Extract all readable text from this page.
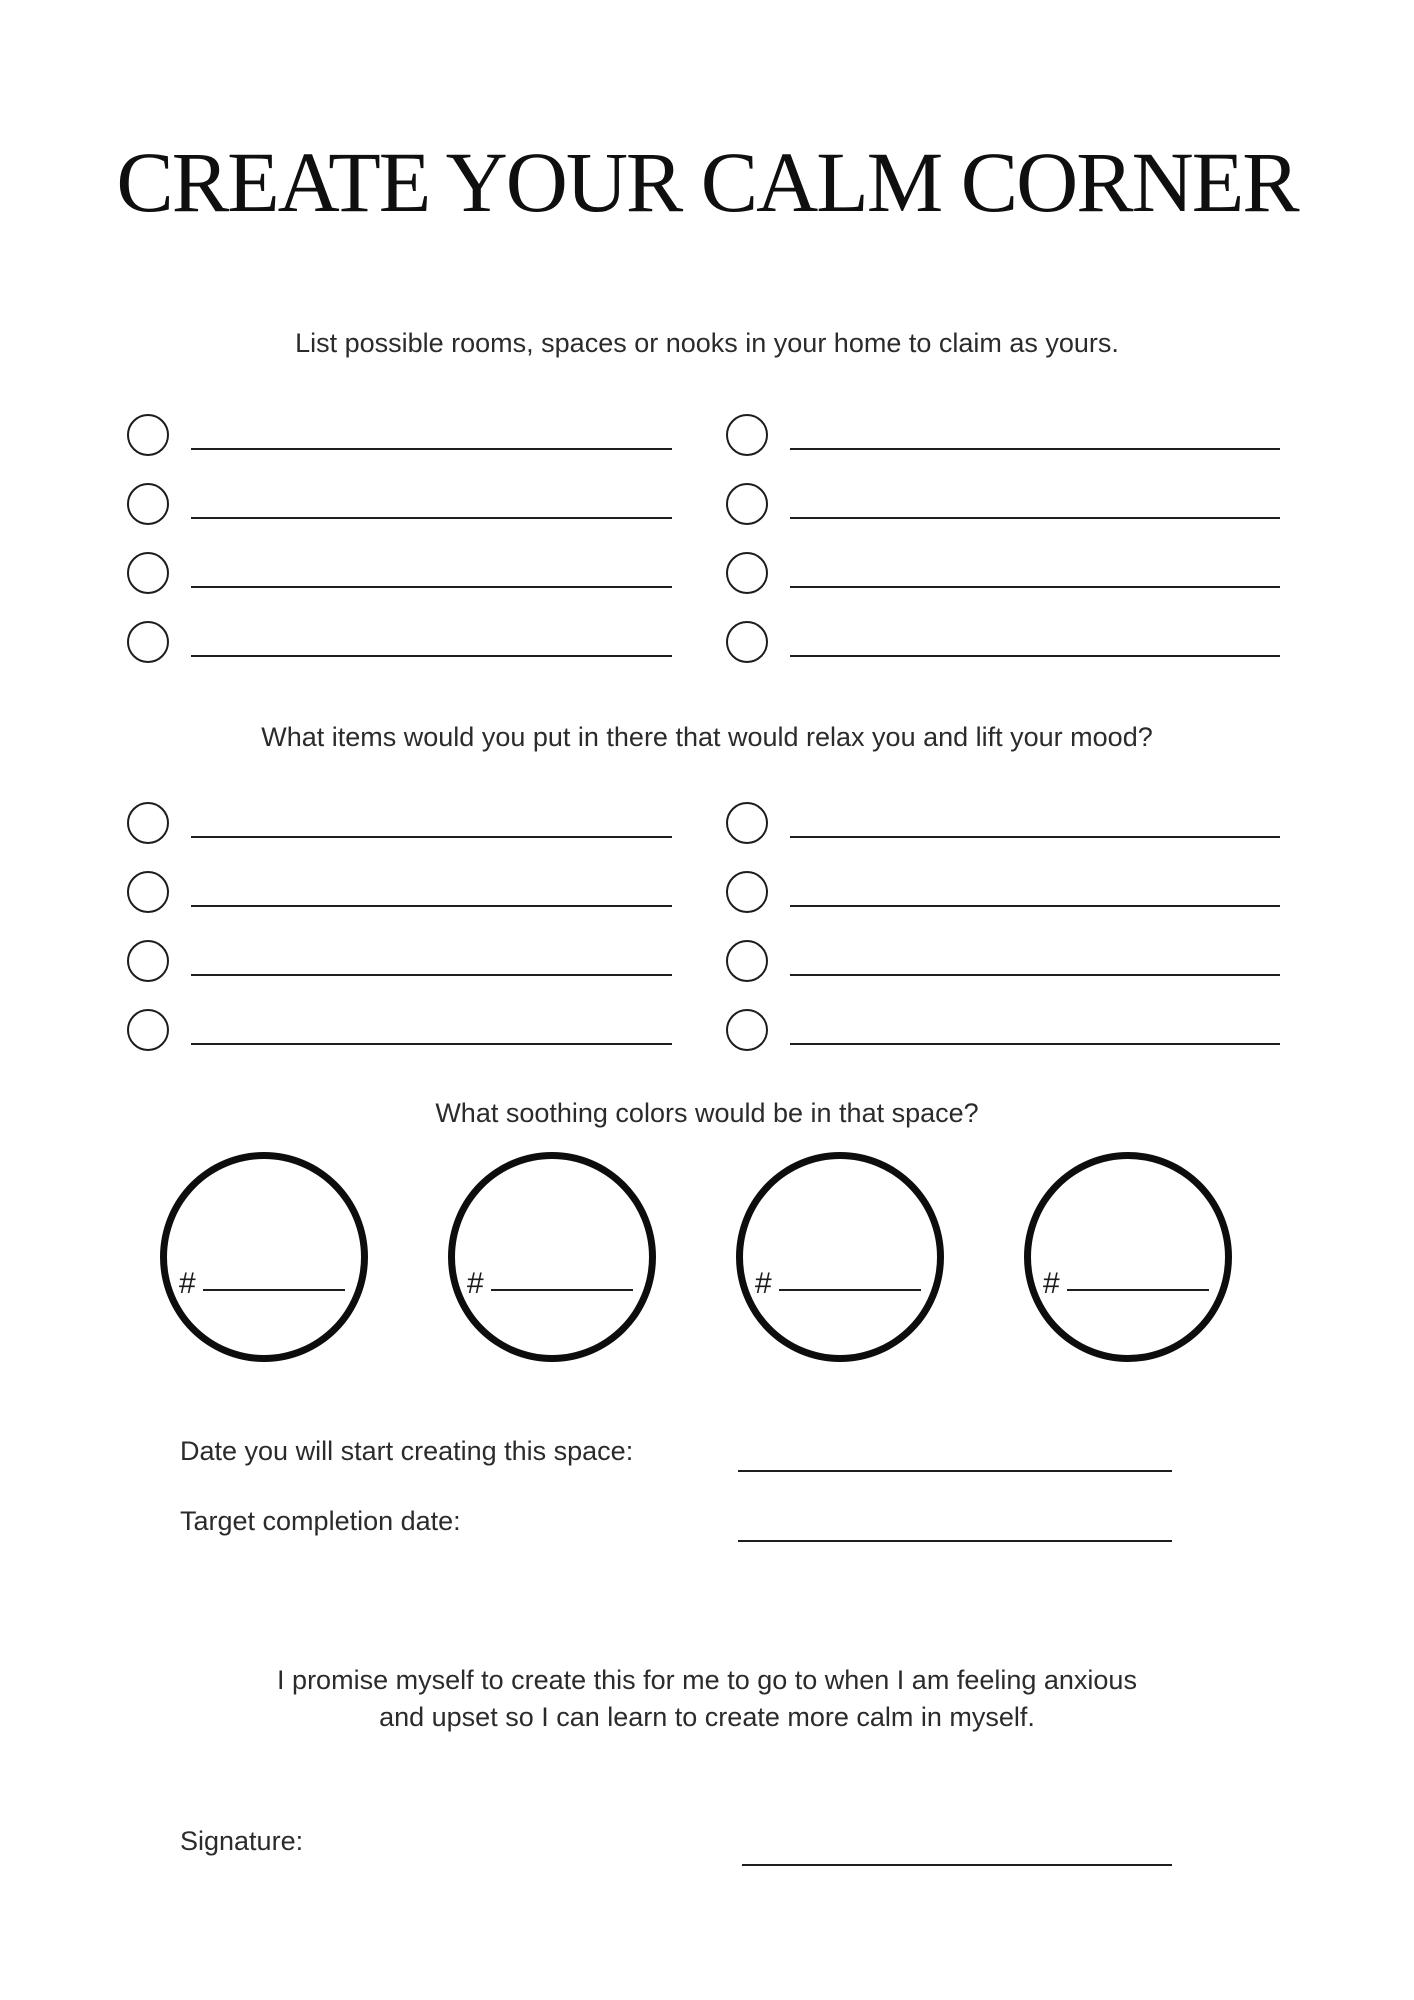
CREATE YOUR CALM CORNER

List possible rooms, spaces or nooks in your home to claim as yours.

What items would you put in there that would relax you and lift your mood?

What soothing colors would be in that space?

#	#	#	#
Date you will start creating this space:
Target completion date:
I promise myself to create this for me to go to when I am feeling anxious
and upset so I can learn to create more calm in myself.
Signature:
